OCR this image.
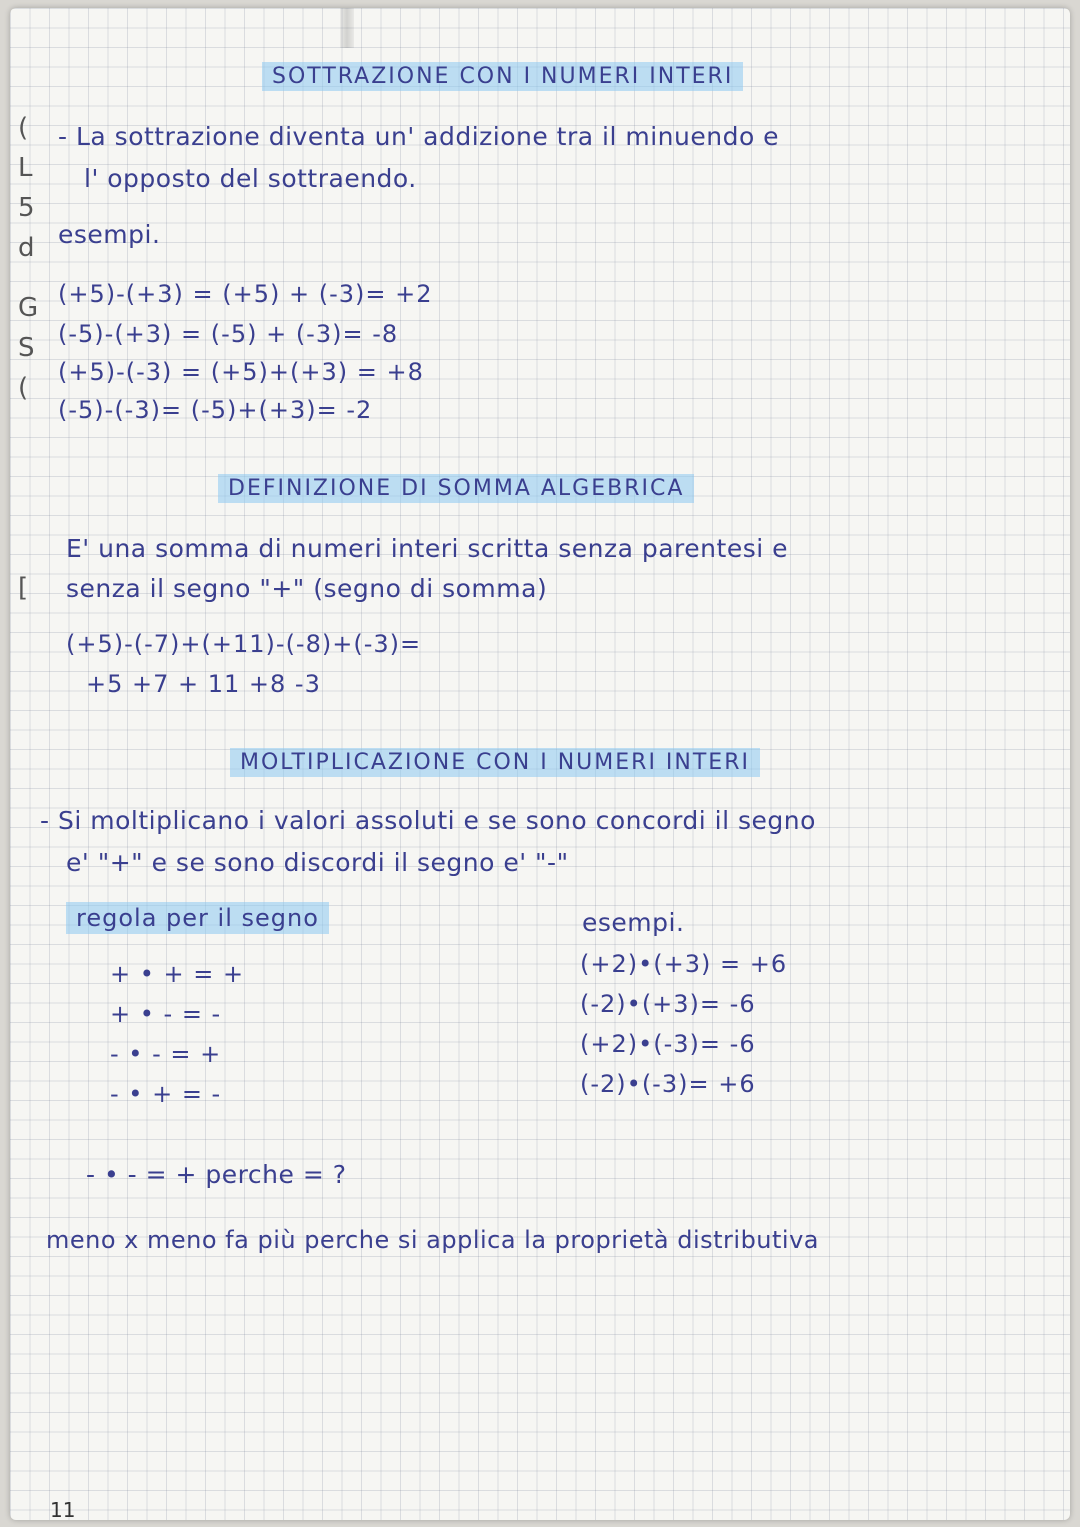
(
L
5
d
G
S
(
[
SOTTRAZIONE CON I NUMERI INTERI
- La sottrazione diventa un' addizione tra il minuendo e
l' opposto del sottraendo.
esempi.
(+5)-(+3) = (+5) + (-3)= +2
(-5)-(+3) = (-5) + (-3)= -8
(+5)-(-3) = (+5)+(+3) = +8
(-5)-(-3)= (-5)+(+3)= -2
DEFINIZIONE DI SOMMA ALGEBRICA
E' una somma di numeri interi scritta senza parentesi e
senza il segno "+" (segno di somma)
(+5)-(-7)+(+11)-(-8)+(-3)=
+5 +7 + 11 +8 -3
MOLTIPLICAZIONE CON I NUMERI INTERI
- Si moltiplicano i valori assoluti e se sono concordi il segno
e' "+" e se sono discordi il segno e' "-"
regola per il segno
+ • + = +
+ • - = -
- • - = +
- • + = -
esempi.
(+2)•(+3) = +6
(-2)•(+3)= -6
(+2)•(-3)= -6
(-2)•(-3)= +6
- • - = + perche = ?
meno x meno fa più perche si applica la proprietà distributiva
11
